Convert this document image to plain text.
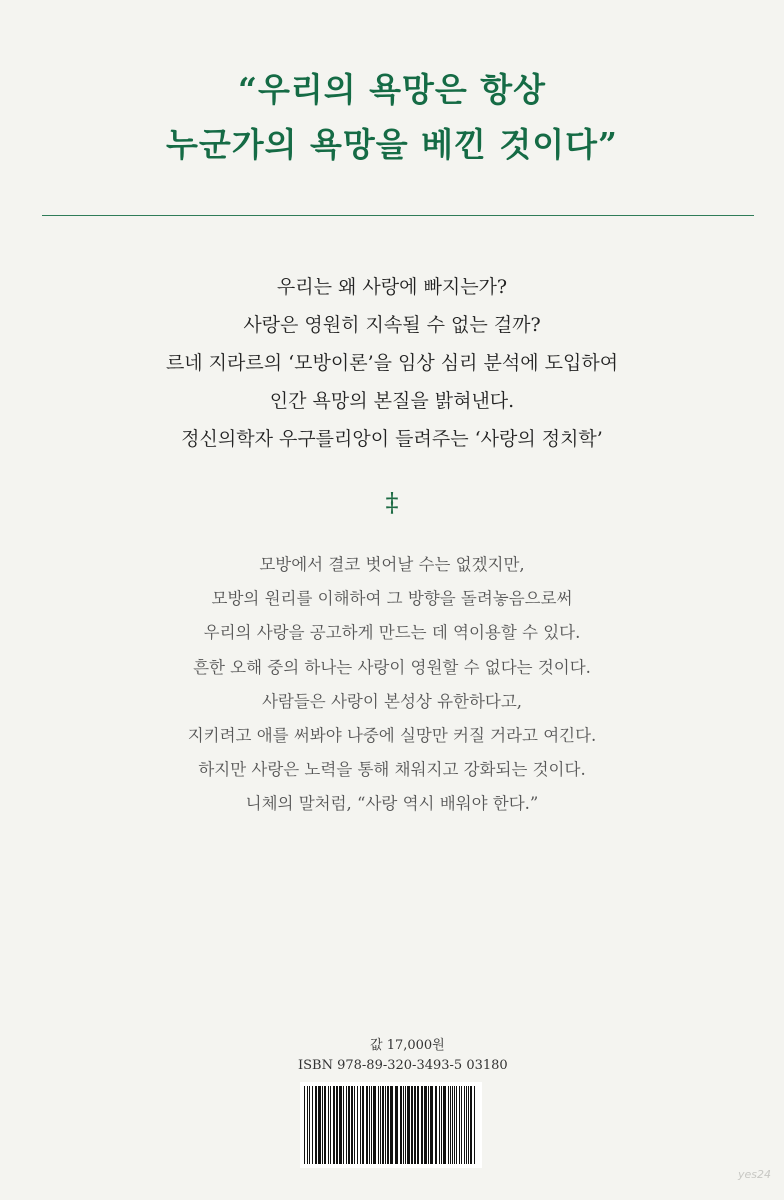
“우리의 욕망은 항상
누군가의 욕망을 베낀 것이다”
우리는 왜 사랑에 빠지는가?
사랑은 영원히 지속될 수 없는 걸까?
르네 지라르의 ‘모방이론’을 임상 심리 분석에 도입하여
인간 욕망의 본질을 밝혀낸다.
정신의학자 우구를리앙이 들려주는 ‘사랑의 정치학’
‡
모방에서 결코 벗어날 수는 없겠지만,
모방의 원리를 이해하여 그 방향을 돌려놓음으로써
우리의 사랑을 공고하게 만드는 데 역이용할 수 있다.
흔한 오해 중의 하나는 사랑이 영원할 수 없다는 것이다.
사람들은 사랑이 본성상 유한하다고,
지키려고 애를 써봐야 나중에 실망만 커질 거라고 여긴다.
하지만 사랑은 노력을 통해 채워지고 강화되는 것이다.
니체의 말처럼, “사랑 역시 배워야 한다.”
값 17,000원
ISBN 978-89-320-3493-5 03180
yes24
